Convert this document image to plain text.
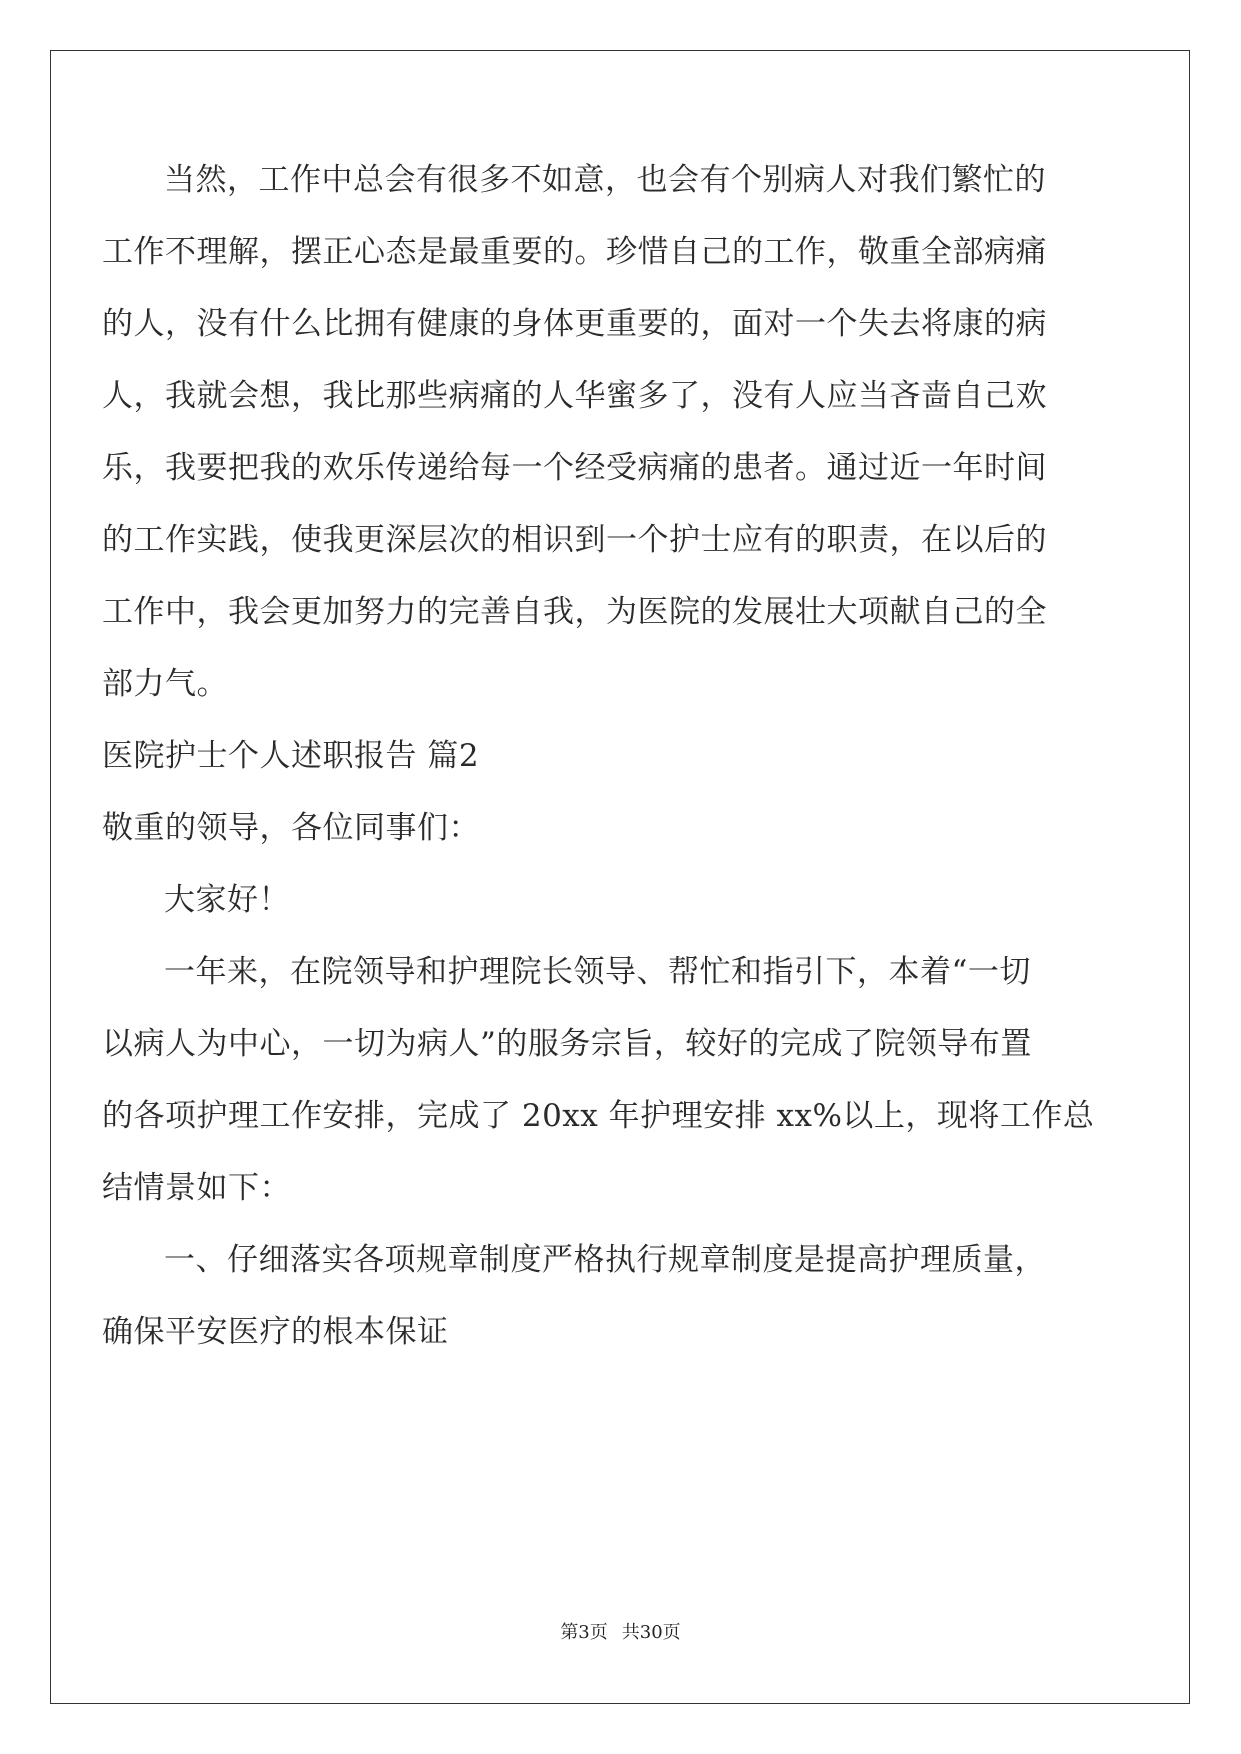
当然，工作中总会有很多不如意，也会有个别病人对我们繁忙的
工作不理解，摆正心态是最重要的。珍惜自己的工作，敬重全部病痛
的人，没有什么比拥有健康的身体更重要的，面对一个失去将康的病
人，我就会想，我比那些病痛的人华蜜多了，没有人应当吝啬自己欢
乐，我要把我的欢乐传递给每一个经受病痛的患者。通过近一年时间
的工作实践，使我更深层次的相识到一个护士应有的职责，在以后的
工作中，我会更加努力的完善自我，为医院的发展壮大项献自己的全
部力气。
医院护士个人述职报告 篇2
敬重的领导，各位同事们：
大家好！
一年来，在院领导和护理院长领导、帮忙和指引下，本着“一切
以病人为中心，一切为病人”的服务宗旨，较好的完成了院领导布置
的各项护理工作安排，完成了 20xx 年护理安排 xx%以上，现将工作总
结情景如下：
一、仔细落实各项规章制度严格执行规章制度是提高护理质量，
确保平安医疗的根本保证
第3页 共30页
